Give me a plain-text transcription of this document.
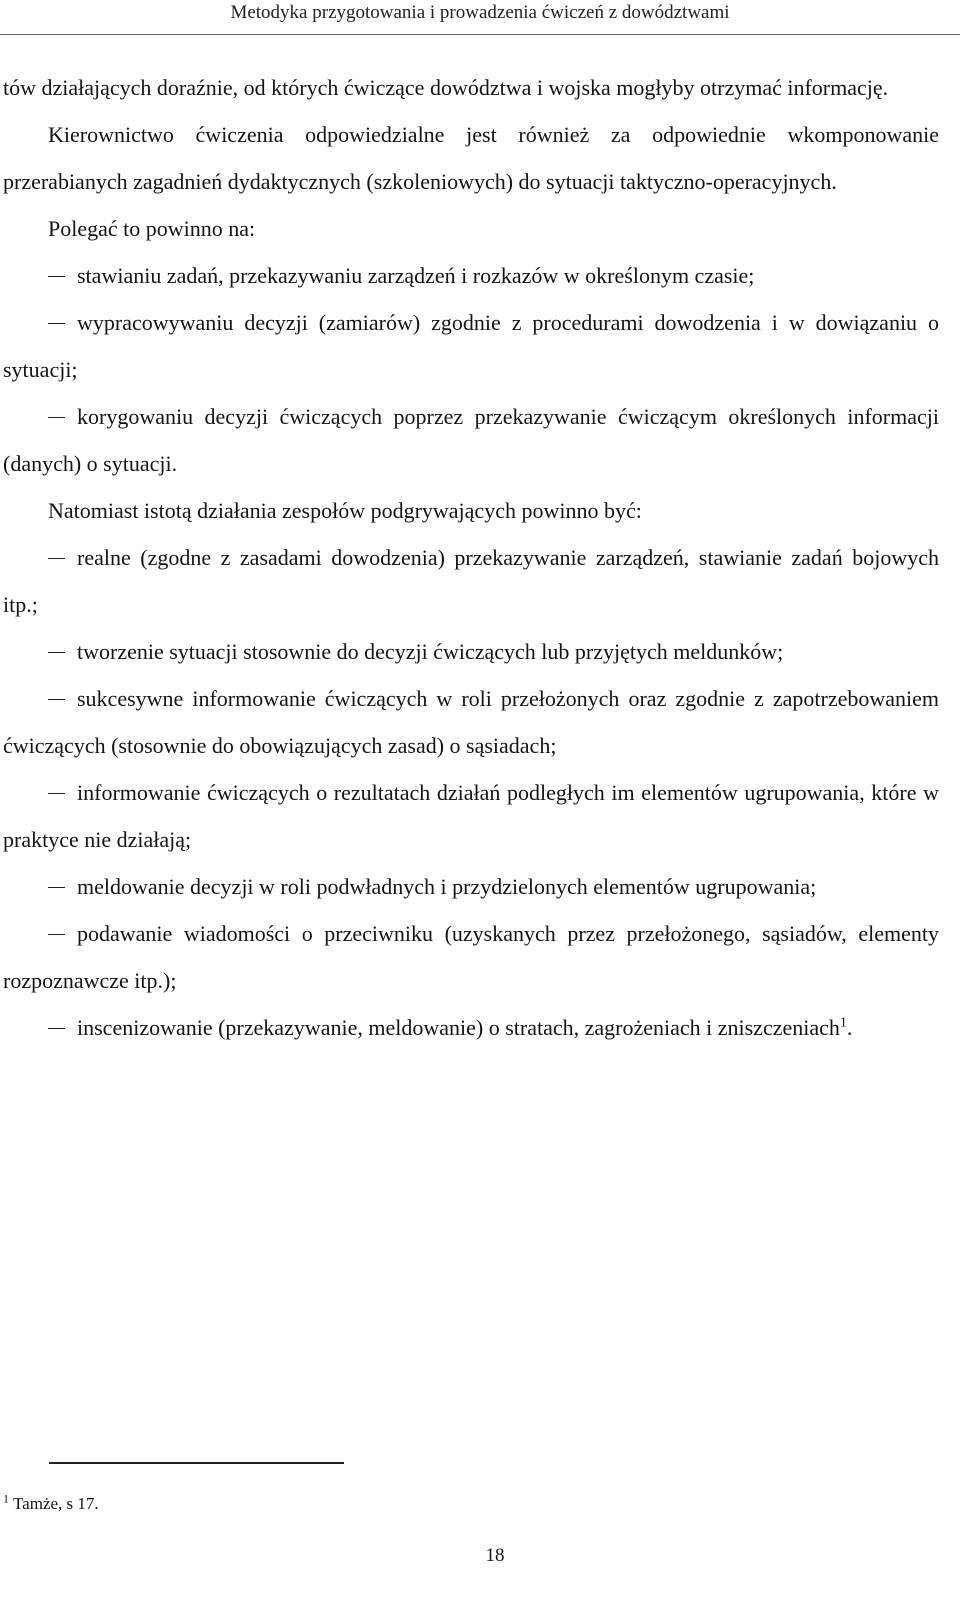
Metodyka przygotowania i prowadzenia ćwiczeń z dowództwami

tów działających doraźnie, od których ćwiczące dowództwa i wojska mogłyby otrzymać informację.

Kierownictwo ćwiczenia odpowiedzialne jest również za odpowiednie wkomponowanie przerabianych zagadnień dydaktycznych (szkoleniowych) do sytuacji taktyczno-operacyjnych.

Polegać to powinno na:

stawianiu zadań, przekazywaniu zarządzeń i rozkazów w określonym czasie;

wypracowywaniu decyzji (zamiarów) zgodnie z procedurami dowodzenia i w dowiązaniu o sytuacji;

korygowaniu decyzji ćwiczących poprzez przekazywanie ćwiczącym określonych informacji (danych) o sytuacji.

Natomiast istotą działania zespołów podgrywających powinno być:

realne (zgodne z zasadami dowodzenia) przekazywanie zarządzeń, stawianie zadań bojowych itp.;

tworzenie sytuacji stosownie do decyzji ćwiczących lub przyjętych meldunków;

sukcesywne informowanie ćwiczących w roli przełożonych oraz zgodnie z zapotrzebowaniem ćwiczących (stosownie do obowiązujących zasad) o sąsiadach;

informowanie ćwiczących o rezultatach działań podległych im elementów ugrupowania, które w praktyce nie działają;

meldowanie decyzji w roli podwładnych i przydzielonych elementów ugrupowania;

podawanie wiadomości o przeciwniku (uzyskanych przez przełożonego, sąsiadów, elementy rozpoznawcze itp.);

inscenizowanie (przekazywanie, meldowanie) o stratach, zagrożeniach i zniszczeniach$^1$.

$^1$ Tamże, s 17.
18
